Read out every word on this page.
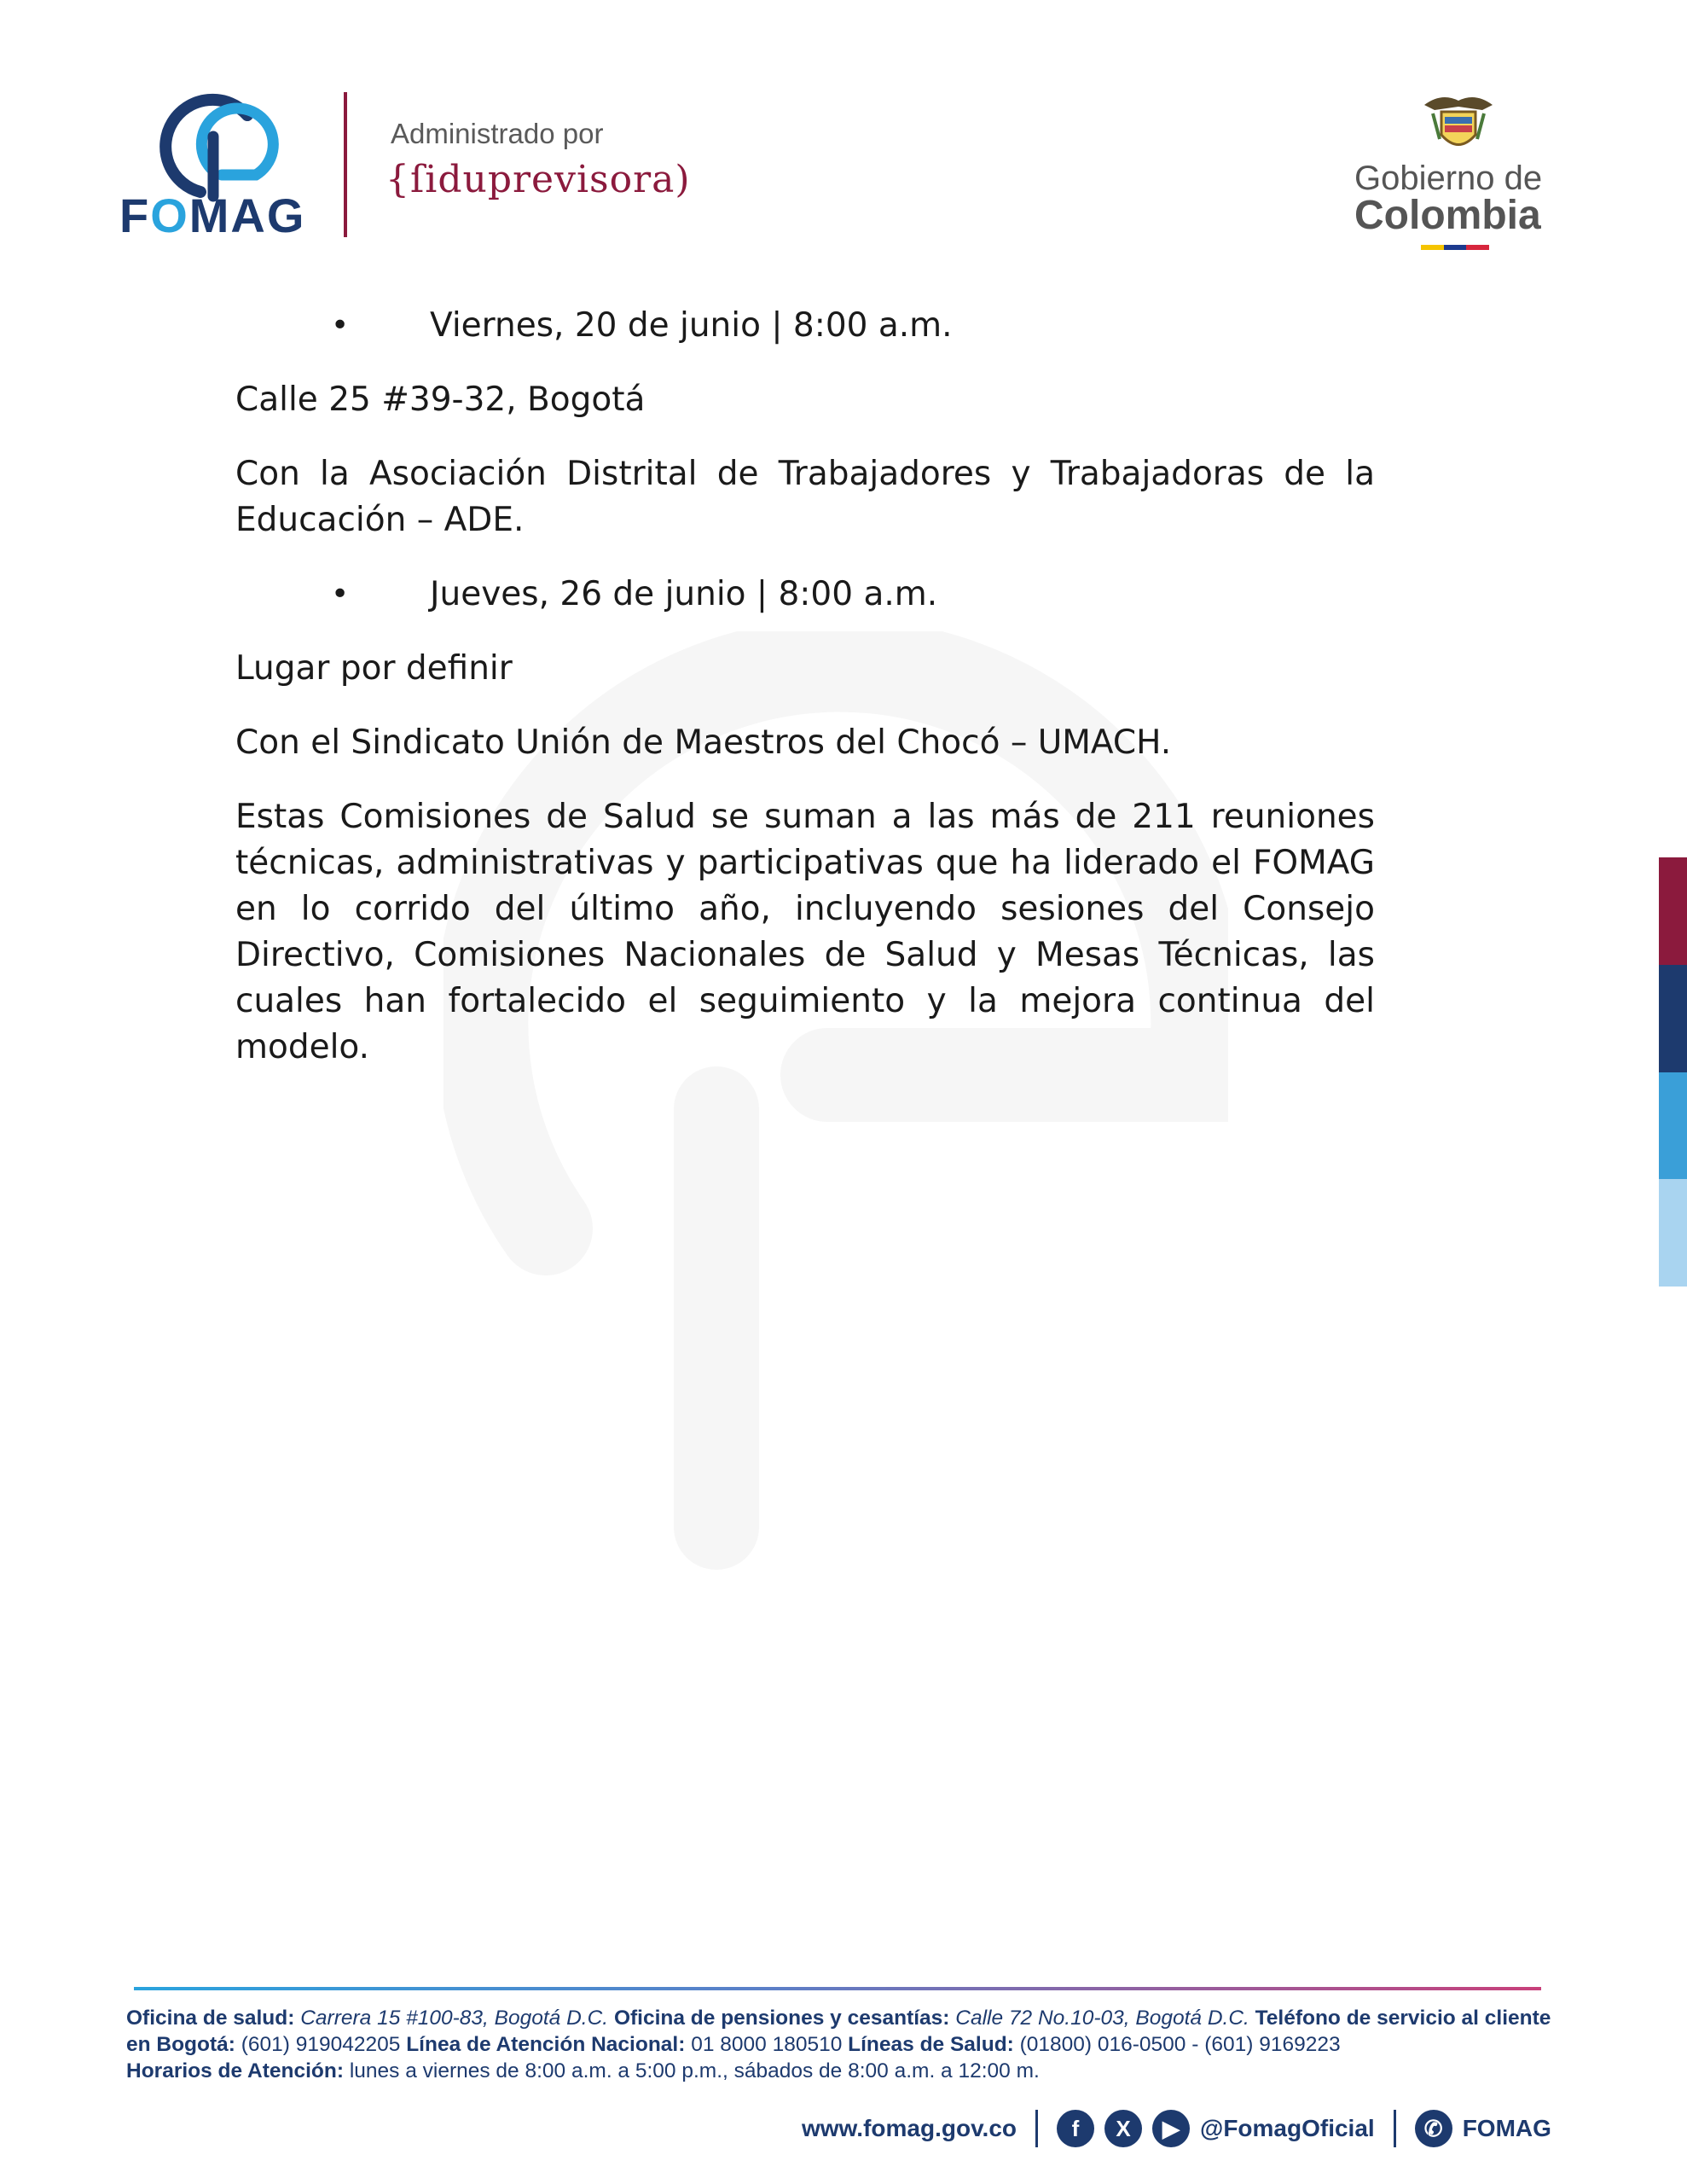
FOMAG
Administrado por
{ſiduprevisora)	Gobierno de
Colombia
• Viernes, 20 de junio | 8:00 a.m.

Calle 25 #39-32, Bogotá

Con la Asociación Distrital de Trabajadores y Trabajadoras de la Educación – ADE.

• Jueves, 26 de junio | 8:00 a.m.

Lugar por definir

Con el Sindicato Unión de Maestros del Chocó – UMACH.

Estas Comisiones de Salud se suman a las más de 211 reuniones técnicas, administrativas y participativas que ha liderado el FOMAG en lo corrido del último año, incluyendo sesiones del Consejo Directivo, Comisiones Nacionales de Salud y Mesas Técnicas, las cuales han fortalecido el seguimiento y la mejora continua del modelo.

Oficina de salud: Carrera 15 #100-83, Bogotá D.C. Oficina de pensiones y cesantías: Calle 72 No.10-03, Bogotá D.C. Teléfono de servicio al cliente en Bogotá: (601) 919042205 Línea de Atención Nacional: 01 8000 180510 Líneas de Salud: (01800) 016-0500 - (601) 9169223
Horarios de Atención: lunes a viernes de 8:00 a.m. a 5:00 p.m., sábados de 8:00 a.m. a 12:00 m.
www.fomag.gov.co	f	X	▶ @FomagOficial	✆ FOMAG
